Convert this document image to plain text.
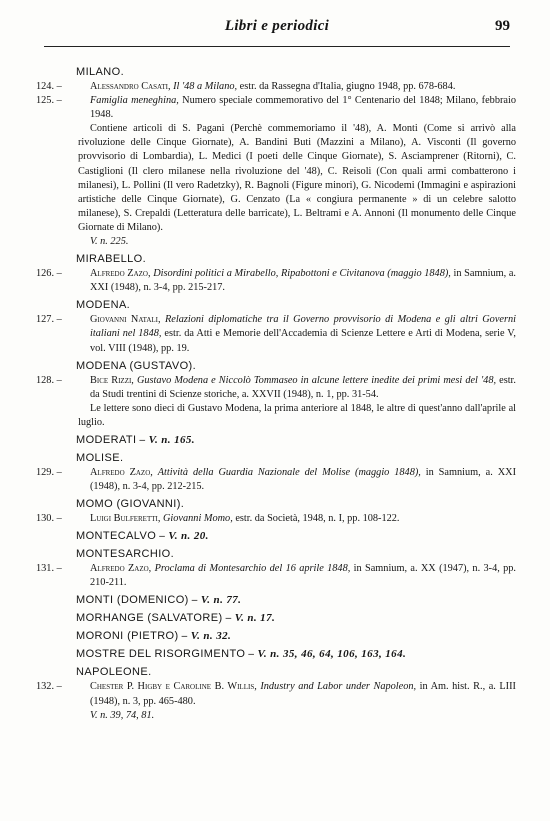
Libri e periodici	99
MILANO.
124. –	Alessandro Casati, Il '48 a Milano, estr. da Rassegna d'Italia, giugno 1948, pp. 678-684.
125. –	Famiglia meneghina, Numero speciale commemorativo del 1° Centenario del 1848; Milano, febbraio 1948.
Contiene articoli di S. Pagani (Perchè commemoriamo il '48), A. Monti (Come si arrivò alla rivoluzione delle Cinque Giornate), A. Bandini Buti (Mazzini a Milano), A. Visconti (Il governo provvisorio di Lombardia), L. Medici (I poeti delle Cinque Giornate), S. Asciamprener (Ritorni), C. Castiglioni (Il clero milanese nella rivoluzione del '48), C. Reisoli (Con quali armi combatterono i milanesi), L. Pollini (Il vero Radetzky), R. Bagnoli (Figure minori), G. Nicodemi (Immagini e aspirazioni artistiche delle Cinque Giornate), G. Cenzato (La « congiura permanente » di un celebre salotto milanese), S. Crepaldi (Letteratura delle barricate), L. Beltrami e A. Annoni (Il monumento delle Cinque Giornate di Milano).
V. n. 225.
MIRABELLO.
126. –	Alfredo Zazo, Disordini politici a Mirabello, Ripabottoni e Civitanova (maggio 1848), in Samnium, a. XXI (1948), n. 3-4, pp. 215-217.
MODENA.
127. –	Giovanni Natali, Relazioni diplomatiche tra il Governo provvisorio di Modena e gli altri Governi italiani nel 1848, estr. da Atti e Memorie dell'Accademia di Scienze Lettere e Arti di Modena, serie V, vol. VIII (1948), pp. 19.
MODENA (GUSTAVO).
128. –	Bice Rizzi, Gustavo Modena e Niccolò Tommaseo in alcune lettere inedite dei primi mesi del '48, estr. da Studi trentini di Scienze storiche, a. XXVII (1948), n. 1, pp. 31-54.
Le lettere sono dieci di Gustavo Modena, la prima anteriore al 1848, le altre di quest'anno dall'aprile al luglio.
MODERATI – V. n. 165.
MOLISE.
129. –	Alfredo Zazo, Attività della Guardia Nazionale del Molise (maggio 1848), in Samnium, a. XXI (1948), n. 3-4, pp. 212-215.
MOMO (GIOVANNI).
130. –	Luigi Bulferetti, Giovanni Momo, estr. da Società, 1948, n. I, pp. 108-122.
MONTECALVO – V. n. 20.
MONTESARCHIO.
131. –	Alfredo Zazo, Proclama di Montesarchio del 16 aprile 1848, in Samnium, a. XX (1947), n. 3-4, pp. 210-211.
MONTI (DOMENICO) – V. n. 77.
MORHANGE (SALVATORE) – V. n. 17.
MORONI (PIETRO) – V. n. 32.
MOSTRE DEL RISORGIMENTO – V. n. 35, 46, 64, 106, 163, 164.
NAPOLEONE.
132. –	Chester P. Higby e Caroline B. Willis, Industry and Labor under Napoleon, in Am. hist. R., a. LIII (1948), n. 3, pp. 465-480.
V. n. 39, 74, 81.
